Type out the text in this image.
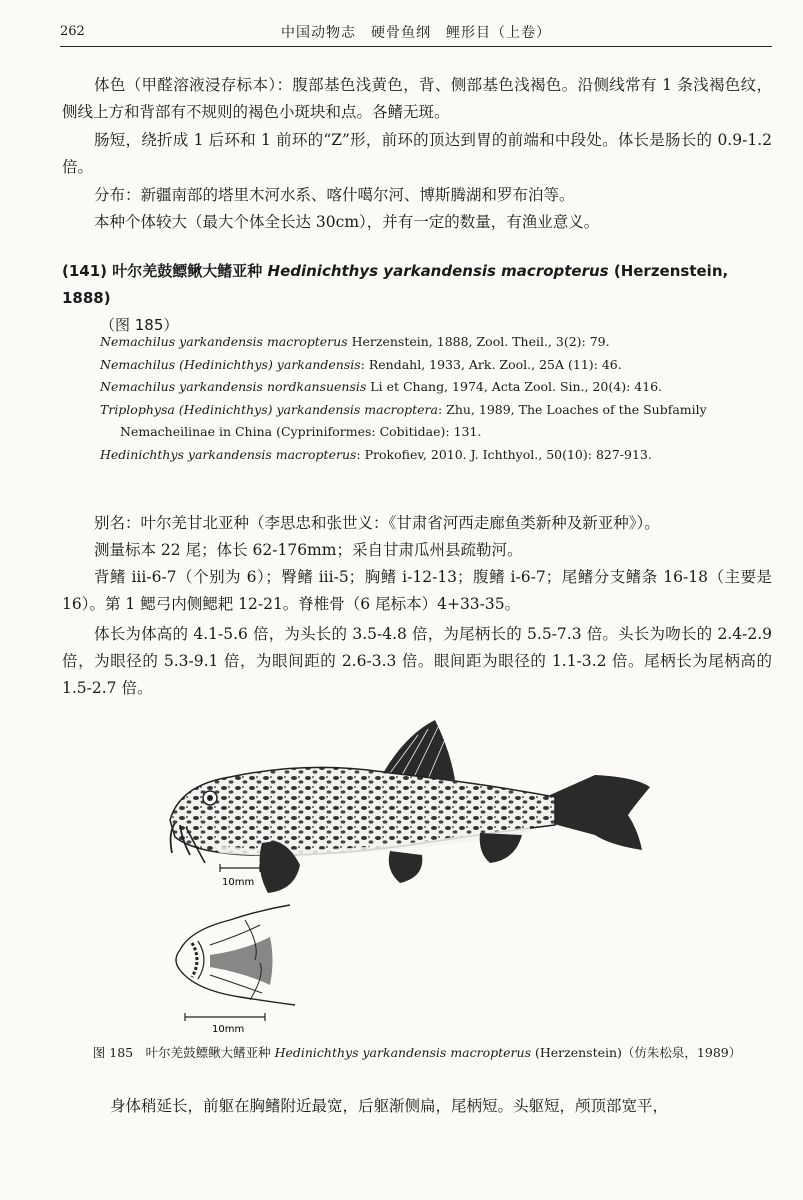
262	中国动物志　硬骨鱼纲　鲤形目（上卷）

体色（甲醛溶液浸存标本）：腹部基色浅黄色，背、侧部基色浅褐色。沿侧线常有 1 条浅褐色纹，侧线上方和背部有不规则的褐色小斑块和点。各鳍无斑。

肠短，绕折成 1 后环和 1 前环的“Z”形，前环的顶达到胃的前端和中段处。体长是肠长的 0.9-1.2 倍。

分布：新疆南部的塔里木河水系、喀什噶尔河、博斯腾湖和罗布泊等。

本种个体较大（最大个体全长达 30cm），并有一定的数量，有渔业意义。

(141) 叶尔羌鼓鳔鳅大鳍亚种 Hedinichthys yarkandensis macropterus (Herzenstein, 1888)
（图 185）
Nemachilus yarkandensis macropterus Herzenstein, 1888, Zool. Theil., 3(2): 79.
Nemachilus (Hedinichthys) yarkandensis: Rendahl, 1933, Ark. Zool., 25A (11): 46.
Nemachilus yarkandensis nordkansuensis Li et Chang, 1974, Acta Zool. Sin., 20(4): 416.
Triplophysa (Hedinichthys) yarkandensis macroptera: Zhu, 1989, The Loaches of the Subfamily
Nemacheilinae in China (Cypriniformes: Cobitidae): 131.
Hedinichthys yarkandensis macropterus: Prokofiev, 2010. J. Ichthyol., 50(10): 827-913.

别名：叶尔羌甘北亚种（李思忠和张世义：《甘肃省河西走廊鱼类新种及新亚种》）。

测量标本 22 尾；体长 62-176mm；采自甘肃瓜州县疏勒河。

背鳍 iii-6-7（个别为 6）；臀鳍 iii-5；胸鳍 i-12-13；腹鳍 i-6-7；尾鳍分支鳍条 16-18（主要是 16）。第 1 鳃弓内侧鳃耙 12-21。脊椎骨（6 尾标本）4+33-35。

体长为体高的 4.1-5.6 倍，为头长的 3.5-4.8 倍，为尾柄长的 5.5-7.3 倍。头长为吻长的 2.4-2.9 倍，为眼径的 5.3-9.1 倍，为眼间距的 2.6-3.3 倍。眼间距为眼径的 1.1-3.2 倍。尾柄长为尾柄高的 1.5-2.7 倍。

10mm
10mm

图 185　叶尔羌鼓鳔鳅大鳍亚种 Hedinichthys yarkandensis macropterus (Herzenstein)（仿朱松泉，1989）

身体稍延长，前躯在胸鳍附近最宽，后躯渐侧扁，尾柄短。头躯短，颅顶部宽平，
